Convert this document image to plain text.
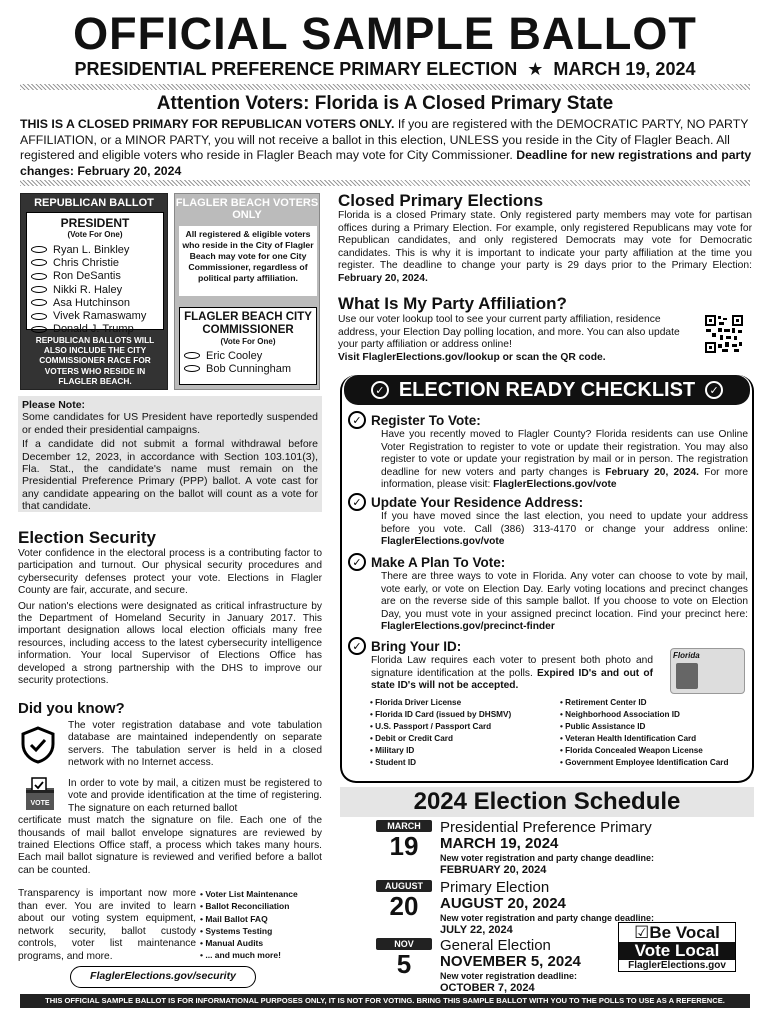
OFFICIAL SAMPLE BALLOT
PRESIDENTIAL PREFERENCE PRIMARY ELECTION  ★  MARCH 19, 2024
Attention Voters: Florida is A Closed Primary State
THIS IS A CLOSED PRIMARY FOR REPUBLICAN VOTERS ONLY. If you are registered with the DEMOCRATIC PARTY, NO PARTY AFFILIATION, or a MINOR PARTY, you will not receive a ballot in this election, UNLESS you reside in the City of Flagler Beach. All registered and eligible voters who reside in Flagler Beach may vote for City Commissioner. Deadline for new registrations and party changes: February 20, 2024
REPUBLICAN BALLOT
PRESIDENT
(Vote For One)
Ryan L. Binkley
Chris Christie
Ron DeSantis
Nikki R. Haley
Asa Hutchinson
Vivek Ramaswamy
Donald J. Trump
REPUBLICAN BALLOTS WILL ALSO INCLUDE THE CITY COMMISSIONER RACE FOR VOTERS WHO RESIDE IN FLAGLER BEACH.
FLAGLER BEACH VOTERS ONLY
All registered & eligible voters who reside in the City of Flagler Beach may vote for one City Commissioner, regardless of political party affiliation.
FLAGLER BEACH CITY COMMISSIONER
(Vote For One)
Eric Cooley
Bob Cunningham

Please Note:

Some candidates for US President have reportedly suspended or ended their presidential campaigns.

If a candidate did not submit a formal withdrawal before December 12, 2023, in accordance with Section 103.101(3), Fla. Stat., the candidate's name must remain on the Presidential Preference Primary (PPP) ballot. A vote cast for any candidate appearing on the ballot will count as a vote for that candidate.

Closed Primary Elections
Florida is a closed Primary state. Only registered party members may vote for partisan offices during a Primary Election. For example, only registered Republicans may vote for Republican candidates, and only registered Democrats may vote for Democratic candidates. This is why it is important to indicate your party affiliation at the time you register. The deadline to change your party is 29 days prior to the Primary Election: February 20, 2024.
What Is My Party Affiliation?
Use our voter lookup tool to see your current party affiliation, residence address, your Election Day polling location, and more. You can also update your party affiliation or address online!
Visit FlaglerElections.gov/lookup or scan the QR code.
✓ ELECTION READY CHECKLIST	✓
✓ Register To Vote:

Have you recently moved to Flagler County? Florida residents can use Online Voter Registration to register to vote or update their registration. You may also register to vote or update your registration by mail or in person. The registration deadline for new voters and party changes is February 20, 2024. For more information, please visit: FlaglerElections.gov/vote

✓ Update Your Residence Address:

If you have moved since the last election, you need to update your address before you vote. Call (386) 313-4170 or change your address online: FlaglerElections.gov/vote

✓ Make A Plan To Vote:

There are three ways to vote in Florida. Any voter can choose to vote by mail, vote early, or vote on Election Day. Early voting locations and precinct changes are on the reverse side of this sample ballot. If you choose to vote on Election Day, you must vote in your assigned precinct location. Find your precinct here: FlaglerElections.gov/precinct-finder

✓ Bring Your ID:

Florida Law requires each voter to present both photo and signature identification at the polls. Expired ID's and out of state ID's will not be accepted.

Florida
• Florida Driver License
• Florida ID Card (issued by DHSMV)
• U.S. Passport / Passport Card
• Debit or Credit Card
• Military ID
• Student ID
• Retirement Center ID
• Neighborhood Association ID
• Public Assistance ID
• Veteran Health Identification Card
• Florida Concealed Weapon License
• Government Employee Identification Card
Election Security

Voter confidence in the electoral process is a contributing factor to participation and turnout. Our physical security procedures and cybersecurity defenses protect your vote. Elections in Flagler County are fair, accurate, and secure.

Our nation's elections were designated as critical infrastructure by the Department of Homeland Security in January 2017. This important designation allows local election officials many free resources, including access to the latest cybersecurity intelligence information. Your local Supervisor of Elections Office has developed a strong partnership with the DHS to improve our security protections.

Did you know?
The voter registration database and vote tabulation database are maintained independently on separate servers. The tabulation server is held in a closed network with no Internet access.
VOTE
In order to vote by mail, a citizen must be registered to vote and provide identification at the time of registering. The signature on each returned ballot
certificate must match the signature on file. Each one of the thousands of mail ballot envelope signatures are reviewed by trained Elections Office staff, a process which takes many hours. Each mail ballot signature is reviewed and verified before a ballot can be counted.
Transparency is important now more than ever. You are invited to learn about our voting system equipment, network security, ballot custody controls, voter list maintenance programs, and more.
• Voter List Maintenance
• Ballot Reconciliation
• Mail Ballot FAQ
• Systems Testing
• Manual Audits
• ... and much more!
FlaglerElections.gov/security
2024 Election Schedule
MARCH
19
Presidential Preference Primary
MARCH 19, 2024
New voter registration and party change deadline:
FEBRUARY 20, 2024
AUGUST
20
Primary Election
AUGUST 20, 2024
New voter registration and party change deadline:
JULY 22, 2024
NOV
5
General Election
NOVEMBER 5, 2024
New voter registration deadline:
OCTOBER 7, 2024
☑Be Vocal
Vote Local
FlaglerElections.gov
THIS OFFICIAL SAMPLE BALLOT IS FOR INFORMATIONAL PURPOSES ONLY, IT IS NOT FOR VOTING. BRING THIS SAMPLE BALLOT WITH YOU TO THE POLLS TO USE AS A REFERENCE.
